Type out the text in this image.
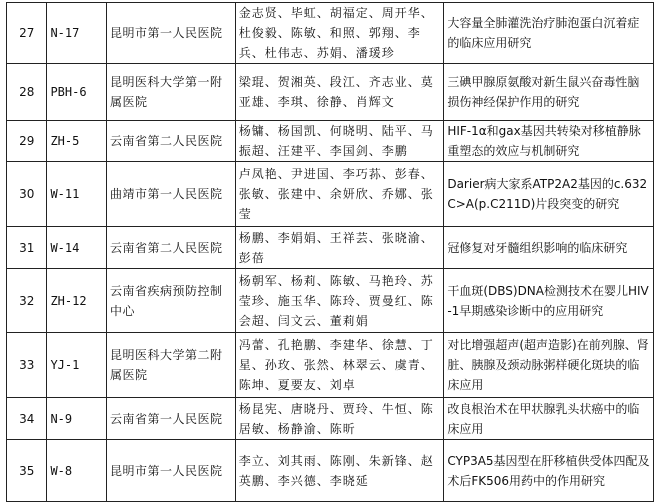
27	N-17	昆明市第一人民医院	金志贤、毕虹、胡福定、周开华、杜俊毅、陈敏、和照、郭翔、李兵、杜伟志、苏娟、潘瑗珍	大容量全肺灌洗治疗肺泡蛋白沉着症的临床应用研究
28	PBH-6	昆明医科大学第一附属医院	梁琨、贺湘英、段江、齐志业、莫亚雄、李琪、徐静、肖辉文	三碘甲腺原氨酸对新生鼠兴奋毒性脑损伤神经保护作用的研究
29	ZH-5	云南省第二人民医院	杨镛、杨国凯、何晓明、陆平、马振超、汪建平、李国剑、李鹏	HIF-1α和gax基因共转染对移植静脉重塑态的效应与机制研究
30	W-11	曲靖市第一人民医院	卢凤艳、尹进国、李巧荪、彭春、张敏、张建中、余妍欣、乔娜、张莹	Darier病大家系ATP2A2基因的c.632C>A(p.C211D)片段突变的研究
31	W-14	云南省第二人民医院	杨鹏、李娟娟、王祥芸、张晓渝、彭蓓	冠修复对牙髓组织影响的临床研究
32	ZH-12	云南省疾病预防控制中心	杨朝军、杨莉、陈敏、马艳玲、苏莹珍、施玉华、陈玲、贾曼红、陈会超、闫文云、董莉娟	干血斑(DBS)DNA检测技术在婴儿HIV-1早期感染诊断中的应用研究
33	YJ-1	昆明医科大学第二附属医院	冯蕾、孔艳鹏、李建华、徐慧、丁星、孙玫、张然、林翠云、虞青、陈坤、夏要友、刘卓	对比增强超声(超声造影)在前列腺、肾脏、胰腺及颈动脉粥样硬化斑块的临床应用
34	N-9	云南省第一人民医院	杨昆宪、唐晓丹、贾玲、牛恒、陈居敏、杨静渝、陈昕	改良根治术在甲状腺乳头状癌中的临床应用
35	W-8	昆明市第一人民医院	李立、刘其雨、陈刚、朱新锋、赵英鹏、李兴德、李晓延	CYP3A5基因型在肝移植供受体四配及术后FK506用药中的作用研究
